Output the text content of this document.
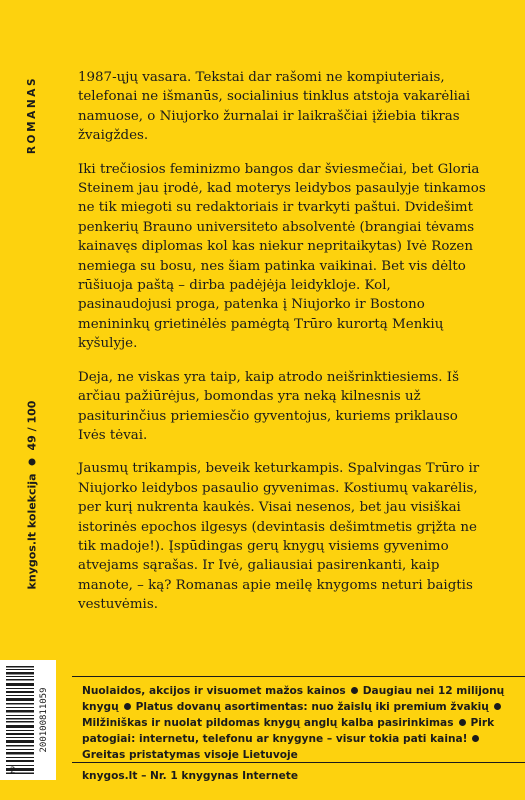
ROMANAS
knygos.lt kolekcija
49 / 100

1987-ųjų vasara. Tekstai dar rašomi ne kompiuteriais, telefonai ne išmanūs, socialinius tinklus atstoja vakarėliai namuose, o Niujorko žurnalai ir laikraščiai įžiebia tikras žvaigždes.

Iki trečiosios feminizmo bangos dar šviesmečiai, bet Gloria Steinem jau įrodė, kad moterys leidybos pasaulyje tinkamos ne tik miegoti su redaktoriais ir tvarkyti paštui. Dvidešimt penkerių Brauno universiteto absolventė (brangiai tėvams kainavęs diplomas kol kas niekur nepritaikytas) Ivė Rozen nemiega su bosu, nes šiam patinka vaikinai. Bet vis dėlto rūšiuoja paštą – dirba padėjėja leidykloje. Kol, pasinaudojusi proga, patenka į Niujorko ir Bostono menininkų grietinėlės pamėgtą Trūro kurortą Menkių kyšulyje.

Deja, ne viskas yra taip, kaip atrodo neišrinktiesiems. Iš arčiau pažiūrėjus, bomondas yra neką kilnesnis už pasiturinčius priemiesčio gyventojus, kuriems priklauso Ivės tėvai.

Jausmų trikampis, beveik keturkampis. Spalvingas Trūro ir Niujorko leidybos pasaulio gyvenimas. Kostiumų vakarėlis, per kurį nukrenta kaukės. Visai nesenos, bet jau visiškai istorinės epochos ilgesys (devintasis dešimtmetis grįžta ne tik madoje!). Įspūdingas gerų knygų visiems gyvenimo atvejams sąrašas. Ir Ivė, galiausiai pasirenkanti, kaip manote, – ką? Romanas apie meilę knygoms neturi baigtis vestuvėmis.

200100811059
2
Nuolaidos, akcijos ir visuomet mažos kainos Daugiau nei 12 milijonų knygų Platus dovanų asortimentas: nuo žaislų iki premium žvakiųMilžiniškas ir nuolat pildomas knygų anglų kalba pasirinkimas Pirk patogiai: internetu, telefonu ar knygyne – visur tokia pati kaina!Greitas pristatymas visoje Lietuvoje
knygos.lt – Nr. 1 knygynas Internete
